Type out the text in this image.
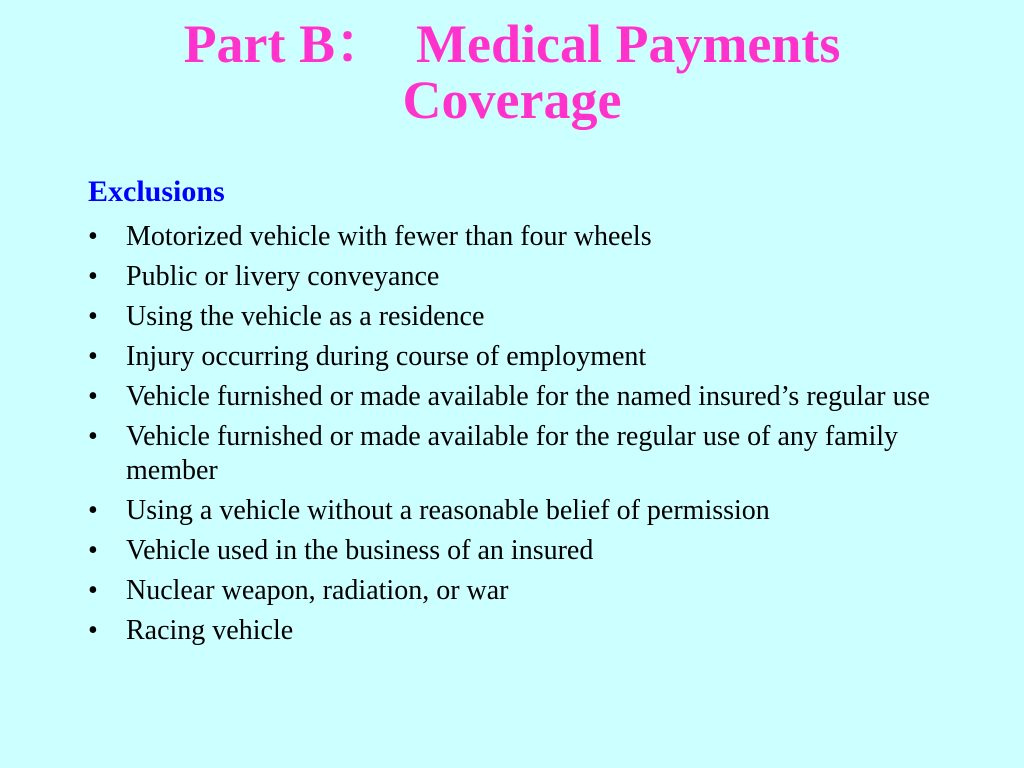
Part B：　Medical Payments
Coverage
Exclusions
• Motorized vehicle with fewer than four wheels
• Public or livery conveyance
• Using the vehicle as a residence
• Injury occurring during course of employment
• Vehicle furnished or made available for the named insured’s regular use
• Vehicle furnished or made available for the regular use of any family member
• Using a vehicle without a reasonable belief of permission
• Vehicle used in the business of an insured
• Nuclear weapon, radiation, or war
• Racing vehicle
